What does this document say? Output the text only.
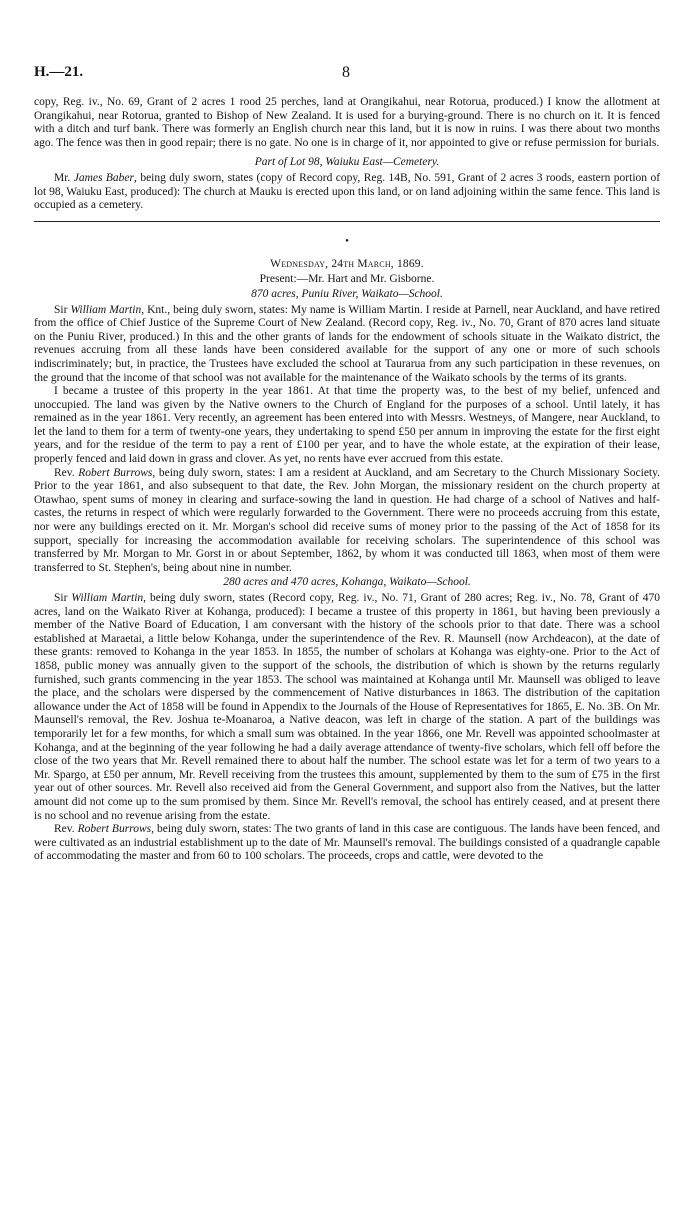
H.—21.	8

copy, Reg. iv., No. 69, Grant of 2 acres 1 rood 25 perches, land at Orangikahui, near Rotorua, produced.) I know the allotment at Orangikahui, near Rotorua, granted to Bishop of New Zealand. It is used for a burying-ground. There is no church on it. It is fenced with a ditch and turf bank. There was formerly an English church near this land, but it is now in ruins. I was there about two months ago. The fence was then in good repair; there is no gate. No one is in charge of it, nor appointed to give or refuse permission for burials.

Part of Lot 98, Waiuku East—Cemetery.

Mr. James Baber, being duly sworn, states (copy of Record copy, Reg. 14B, No. 591, Grant of 2 acres 3 roods, eastern portion of lot 98, Waiuku East, produced): The church at Mauku is erected upon this land, or on land adjoining within the same fence. This land is occupied as a cemetery.

●
Wednesday, 24th March, 1869.
Present:—Mr. Hart and Mr. Gisborne.
870 acres, Puniu River, Waikato—School.

Sir William Martin, Knt., being duly sworn, states: My name is William Martin. I reside at Parnell, near Auckland, and have retired from the office of Chief Justice of the Supreme Court of New Zealand. (Record copy, Reg. iv., No. 70, Grant of 870 acres land situate on the Puniu River, produced.) In this and the other grants of lands for the endowment of schools situate in the Waikato district, the revenues accruing from all these lands have been considered available for the support of any one or more of such schools indiscriminately; but, in practice, the Trustees have excluded the school at Taurarua from any such participation in these revenues, on the ground that the income of that school was not available for the maintenance of the Waikato schools by the terms of its grants.

I became a trustee of this property in the year 1861. At that time the property was, to the best of my belief, unfenced and unoccupied. The land was given by the Native owners to the Church of England for the purposes of a school. Until lately, it has remained as in the year 1861. Very recently, an agreement has been entered into with Messrs. Westneys, of Mangere, near Auckland, to let the land to them for a term of twenty-one years, they undertaking to spend £50 per annum in improving the estate for the first eight years, and for the residue of the term to pay a rent of £100 per year, and to have the whole estate, at the expiration of their lease, properly fenced and laid down in grass and clover. As yet, no rents have ever accrued from this estate.

Rev. Robert Burrows, being duly sworn, states: I am a resident at Auckland, and am Secretary to the Church Missionary Society. Prior to the year 1861, and also subsequent to that date, the Rev. John Morgan, the missionary resident on the church property at Otawhao, spent sums of money in clearing and surface-sowing the land in question. He had charge of a school of Natives and half-castes, the returns in respect of which were regularly forwarded to the Government. There were no proceeds accruing from this estate, nor were any buildings erected on it. Mr. Morgan's school did receive sums of money prior to the passing of the Act of 1858 for its support, specially for increasing the accommodation available for receiving scholars. The superintendence of this school was transferred by Mr. Morgan to Mr. Gorst in or about September, 1862, by whom it was conducted till 1863, when most of them were transferred to St. Stephen's, being about nine in number.

280 acres and 470 acres, Kohanga, Waikato—School.

Sir William Martin, being duly sworn, states (Record copy, Reg. iv., No. 71, Grant of 280 acres; Reg. iv., No. 78, Grant of 470 acres, land on the Waikato River at Kohanga, produced): I became a trustee of this property in 1861, but having been previously a member of the Native Board of Education, I am conversant with the history of the schools prior to that date. There was a school established at Maraetai, a little below Kohanga, under the superintendence of the Rev. R. Maunsell (now Archdeacon), at the date of these grants: removed to Kohanga in the year 1853. In 1855, the number of scholars at Kohanga was eighty-one. Prior to the Act of 1858, public money was annually given to the support of the schools, the distribution of which is shown by the returns regularly furnished, such grants commencing in the year 1853. The school was maintained at Kohanga until Mr. Maunsell was obliged to leave the place, and the scholars were dispersed by the commencement of Native disturbances in 1863. The distribution of the capitation allowance under the Act of 1858 will be found in Appendix to the Journals of the House of Representatives for 1865, E. No. 3B. On Mr. Maunsell's removal, the Rev. Joshua te-Moanaroa, a Native deacon, was left in charge of the station. A part of the buildings was temporarily let for a few months, for which a small sum was obtained. In the year 1866, one Mr. Revell was appointed schoolmaster at Kohanga, and at the beginning of the year following he had a daily average attendance of twenty-five scholars, which fell off before the close of the two years that Mr. Revell remained there to about half the number. The school estate was let for a term of two years to a Mr. Spargo, at £50 per annum, Mr. Revell receiving from the trustees this amount, supplemented by them to the sum of £75 in the first year out of other sources. Mr. Revell also received aid from the General Government, and support also from the Natives, but the latter amount did not come up to the sum promised by them. Since Mr. Revell's removal, the school has entirely ceased, and at present there is no school and no revenue arising from the estate.

Rev. Robert Burrows, being duly sworn, states: The two grants of land in this case are contiguous. The lands have been fenced, and were cultivated as an industrial establishment up to the date of Mr. Maunsell's removal. The buildings consisted of a quadrangle capable of accommodating the master and from 60 to 100 scholars. The proceeds, crops and cattle, were devoted to the
